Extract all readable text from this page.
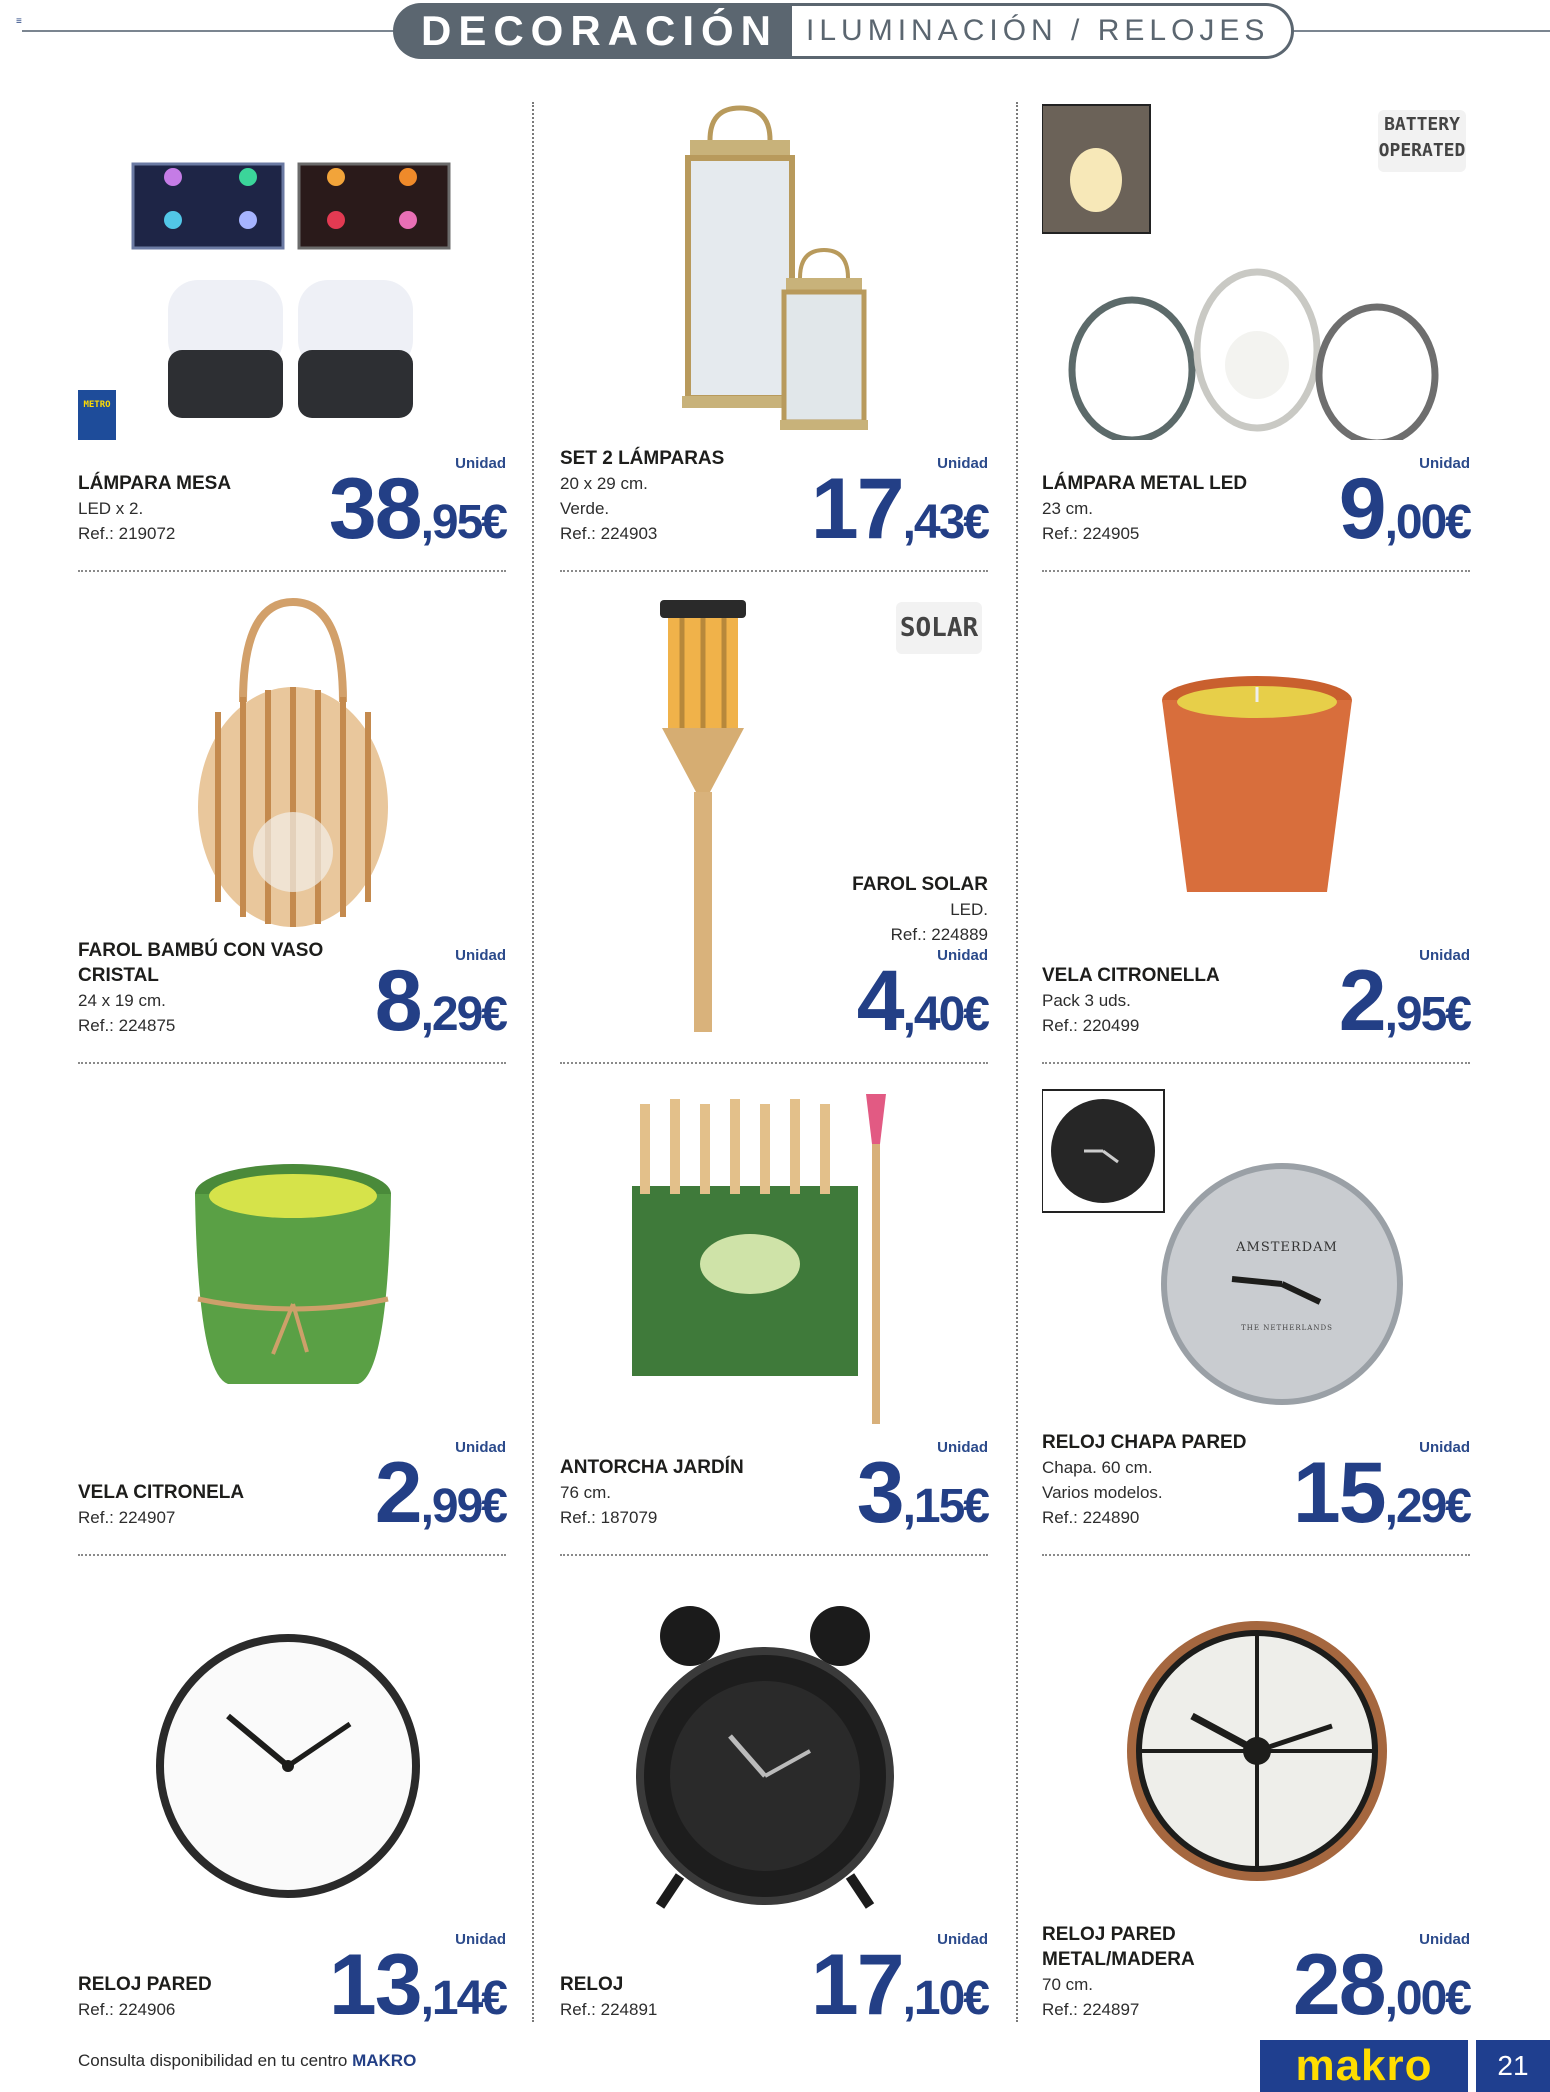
≡	DECORACIÓN ILUMINACIÓN / RELOJES
METRO
LÁMPARA MESA
LED x 2.
Ref.: 219072
Unidad
38,95€
SET 2 LÁMPARAS
20 x 29 cm.
Verde.
Ref.: 224903
Unidad
17,43€
BATTERY OPERATED
LÁMPARA METAL LED
23 cm.
Ref.: 224905
Unidad
9,00€
FAROL BAMBÚ CON VASO CRISTAL
24 x 19 cm.
Ref.: 224875
Unidad
8,29€
SOLAR
FAROL SOLAR
LED.
Ref.: 224889
Unidad
4,40€
VELA CITRONELLA
Pack 3 uds.
Ref.: 220499
Unidad
2,95€
VELA CITRONELA
Ref.: 224907
Unidad
2,99€
ANTORCHA JARDÍN
76 cm.
Ref.: 187079
Unidad
3,15€
AMSTERDAM
THE NETHERLANDS
RELOJ CHAPA PARED
Chapa. 60 cm.
Varios modelos.
Ref.: 224890
Unidad
15,29€
RELOJ PARED
Ref.: 224906
Unidad
13,14€	RELOJ
Ref.: 224891
Unidad
17,10€
RELOJ PARED METAL/MADERA
70 cm.
Ref.: 224897
Unidad
28,00€
Consulta disponibilidad en tu centro MAKRO	makro	21
